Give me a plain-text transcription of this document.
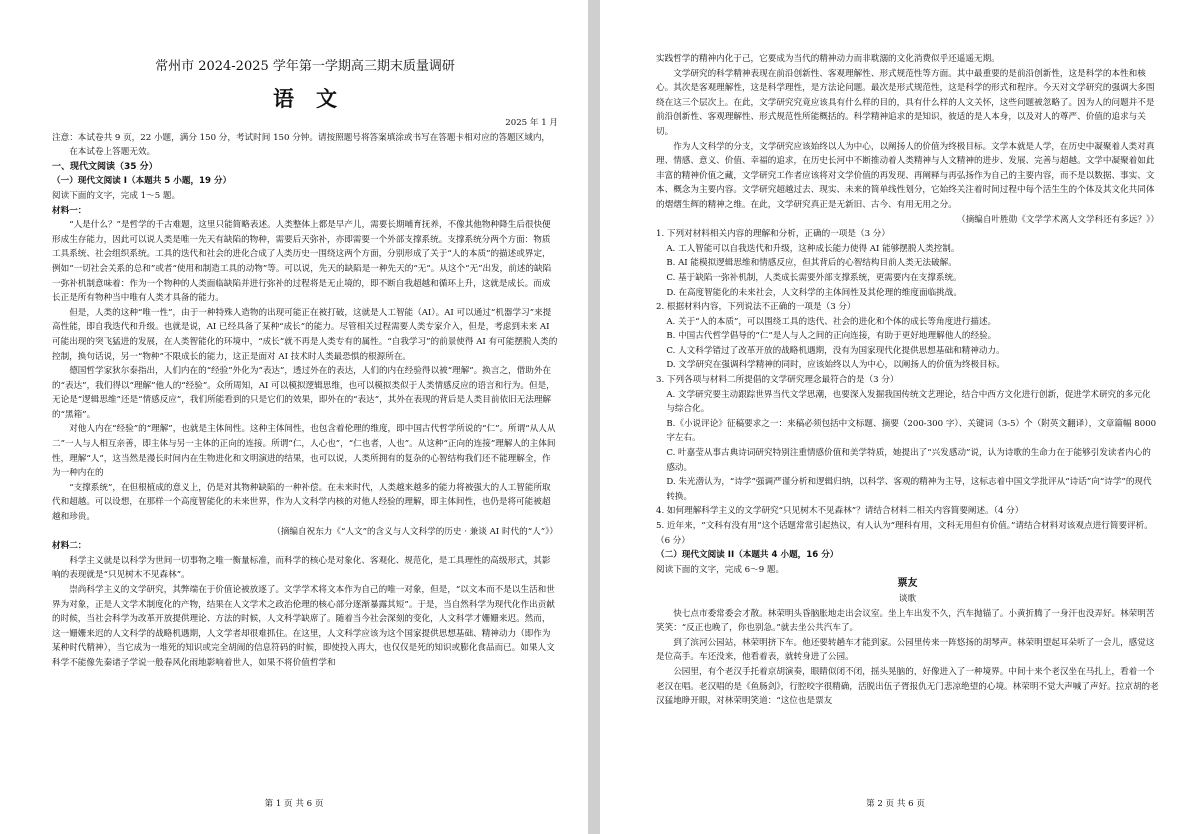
常州市 2024-2025 学年第一学期高三期末质量调研

语文

2025 年 1 月

注意：本试卷共 9 页，22 小题，满分 150 分，考试时间 150 分钟。请按照题号将答案填涂或书写在答题卡相对应的答题区域内，在本试卷上答题无效。

一、现代文阅读（35 分）

（一）现代文阅读 I（本题共 5 小题，19 分）

阅读下面的文字，完成 1～5 题。

材料一：

“人是什么？”是哲学的千古难题，这里只能简略表述。人类整体上都是早产儿，需要长期哺育抚养，不像其他物种降生后很快便形成生存能力，因此可以说人类是唯一先天有缺陷的物种，需要后天弥补，亦即需要一个外部支撑系统。支撑系统分两个方面：物质工具系统、社会组织系统。工具的迭代和社会的进化合成了人类历史一围绕这两个方面，分别形成了关于“人的本质”的描述或界定，例如“一切社会关系的总和”或者“使用和制造工具的动物”等。可以说，先天的缺陷是一种先天的“无”。从这个“无”出发，前述的缺陷一弥补机制意味着：作为一个物种的人类面临缺陷并进行弥补的过程将是无止境的，即不断自我超越和循环上升，这就是成长。而成长正是所有物种当中唯有人类才具备的能力。

但是，人类的这种“唯一性”，由于一种特殊人造物的出现可能正在被打破，这就是人工智能（AI）。AI 可以通过“机器学习”来提高性能，即自我迭代和升级。也就是说，AI 已经具备了某种“成长”的能力。尽管相关过程需要人类专家介入，但是，考虑到未来 AI 可能出现的突飞猛进的发展，在人类智能化的环境中，“成长”就不再是人类专有的属性。“自我学习”的前景使得 AI 有可能摆脱人类的控制，换句话说，另一“物种”不限成长的能力，这正是面对 AI 技术时人类最恐惧的根源所在。

德国哲学家狄尔泰指出，人们内在的“经验”外化为“表达”，透过外在的表达，人们的内在经验得以被“理解”。换言之，借助外在的“表达”，我们得以“理解”他人的“经验”。众所周知，AI 可以模拟逻辑思维，也可以模拟类似于人类情感反应的语言和行为。但是，无论是“逻辑思维”还是“情感反应”，我们所能看到的只是它们的效果，即外在的“表达”，其外在表现的背后是人类目前依旧无法理解的“黑箱”。

对他人内在“经验”的“理解”，也就是主体间性。这种主体间性，也包含着伦理的维度，即中国古代哲学所说的“仁”。所谓“从人从二”一人与人相互亲善，即主体与另一主体的正向的连接。所谓“仁，人心也”，“仁也者，人也”。从这种“正向的连接”理解人的主体间性，理解“人”，这当然是漫长时间内在生物进化和文明演进的结果，也可以说，人类所拥有的复杂的心智结构我们还不能理解全，作为一种内在的

“支撑系统”，在但根植成的意义上，仍是对其物种缺陷的一种补偿。在未来时代，人类越来越多的能力将被强大的人工智能所取代和超越。可以设想，在那样一个高度智能化的未来世界，作为人文科学内核的对他人经验的理解，即主体间性，也仍是将可能被超越和珍贵。

（摘编自祝东力《“人文”的含义与人文科学的历史 · 兼谈 AI 时代的“人”》）

材料二：

科学主义就是以科学为世间一切事物之唯一衡量标准，而科学的核心是对象化、客观化、规范化，是工具理性的高级形式，其影响的表现就是“只见树木不见森林”。

崇尚科学主义的文学研究，其弊端在于价值论被放逐了。文学学术将文本作为自己的唯一对象，但是，“以文本而不是以生活和世界为对象，正是人文学术制度化的产物，结果在人文学术之政治伦理的核心部分逐渐暴露其短”。于是，当自然科学为现代化作出贡献的时候，当社会科学为改革开放提供理论、方法的时候，人文科学缺席了。随着当今社会深刻的变化，人文科学才姗姗来迟。然而，这一姗姗来迟的人文科学的战略机遇期，人文学者却很难抓住。在这里，人文科学应该为这个国家提供思想基础、精神动力（即作为某种时代精神），当它成为一堆死的知识或完全胡闹的信息符码的时候，即使投入再大，也仅仅是死的知识或膨化食品而已。如果人文科学不能像先秦诸子学说一般春风化雨地影响着世人，如果不将价值哲学和

第 1 页 共 6 页

实践哲学的精神内化于己，它要成为当代的精神动力而非耽溺的文化消费似乎还遥遥无期。

文学研究的科学精神表现在前沿创新性、客观理解性、形式规范性等方面。其中最重要的是前沿创新性，这是科学的本性和核心。其次是客观理解性，这是科学理性，是方法论问题。最次是形式规范性，这是科学的形式和程序。今天对文学研究的强调大多围绕在这三个层次上。在此，文学研究究竟应该具有什么样的目的，具有什么样的人文关怀，这些问题被忽略了。因为人的问题并不是前沿创新性、客观理解性、形式规范性所能概括的。科学精神追求的是知识，彼适的是人本身，以及对人的尊严、价值的追求与关切。

作为人文科学的分支，文学研究应该始终以人为中心，以阐扬人的价值为终极目标。文学本就是人学，在历史中凝聚着人类对真理、情感、意义、价值、幸福的追求，在历史长河中不断推动着人类精神与人文精神的进步、发展、完善与超越。文学中凝聚着如此丰富的精神价值之藏，文学研究工作者应该将对文学价值的再发现、再阐释与再弘扬作为自己的主要内容，而不是以数据、事实、文本、概念为主要内容。文学研究超越过去、现实、未来的简单线性划分，它始终关注着时间过程中每个活生生的个体及其文化共同体的熠熠生辉的精神之维。在此，文学研究真正是无新旧、古今、有用无用之分。

（摘编自叶胜勋《文学学术离人文学科还有多远？》）

1. 下列对材料相关内容的理解和分析，正确的一项是（3 分）

A. 工人智能可以自我迭代和升级，这种成长能力使得 AI 能够摆脱人类控制。

B. AI 能模拟逻辑思维和情感反应，但其背后的心智结构目前人类无法破解。

C. 基于缺陷一弥补机制，人类成长需要外部支撑系统，更需要内在支撑系统。

D. 在高度智能化的未来社会，人文科学的主体间性及其伦理的维度面临挑战。

2. 根据材料内容，下列说法不正确的一项是（3 分）

A. 关于“人的本质”，可以围绕工具的迭代、社会的进化和个体的成长等角度进行描述。

B. 中国古代哲学倡导的“仁”是人与人之间的正向连接，有助于更好地理解他人的经验。

C. 人文科学错过了改革开放的战略机遇期，没有为国家现代化提供思想基础和精神动力。

D. 文学研究在强调科学精神的同时，应该始终以人为中心，以阐扬人的价值为终极目标。

3. 下列各项与材料二所提倡的文学研究理念最符合的是（3 分）

A. 文学研究要主动跟踪世界当代文学思潮，也要深入发掘我国传统文艺理论，结合中西方文化进行创新，促进学术研究的多元化与综合化。

B.《小说评论》征稿要求之一：来稿必须包括中文标题、摘要（200-300 字）、关键词（3-5）个（附英文翻译），文章篇幅 8000 字左右。

C. 叶嘉莹从事古典诗词研究特别注重情感价值和美学特质，她提出了“兴发感动”说，认为诗歌的生命力在于能够引发读者内心的感动。

D. 朱光潜认为，“诗学”强调严谨分析和逻辑归纳，以科学、客观的精神为主导，这标志着中国文学批评从“诗话”向“诗学”的现代转换。

4. 如何理解科学主义的文学研究“只见树木不见森林”？请结合材料二相关内容简要阐述。（4 分）

5. 近年来，“文科有没有用”这个话题常常引起热议，有人认为“理科有用，文科无用但有价值。”请结合材料对该观点进行简要评析。（6 分）

（二）现代文阅读 II（本题共 4 小题，16 分）

阅读下面的文字，完成 6～9 题。

票友

谈歌

快七点市委常委会才散。林荣明头昏脑胀地走出会议室。坐上车出发不久，汽车抛锚了。小黄折腾了一身汗也没弄好。林荣明苦笑笑：“反正也晚了，你也别急。”就去坐公共汽车了。

到了滨河公园站，林荣明挤下车。他还要转趟车才能到家。公园里传来一阵悠扬的胡琴声。林荣明望起耳朵听了一会儿，感觉这是位高手。车还没来，他看着表，就转身进了公园。

公园里，有个老汉手托着京胡演奏，眼睛似闭不闭，摇头晃脑的，好像进入了一种境界。中间十来个老汉坐在马扎上，看着一个老汉在唱。老汉唱的是《鱼肠剑》，行腔咬字很精确，活脱出伍子胥报仇无门悲凉绝望的心境。林荣明不觉大声喊了声好。拉京胡的老汉猛地睁开眼，对林荣明笑道：“这位也是票友

第 2 页 共 6 页
